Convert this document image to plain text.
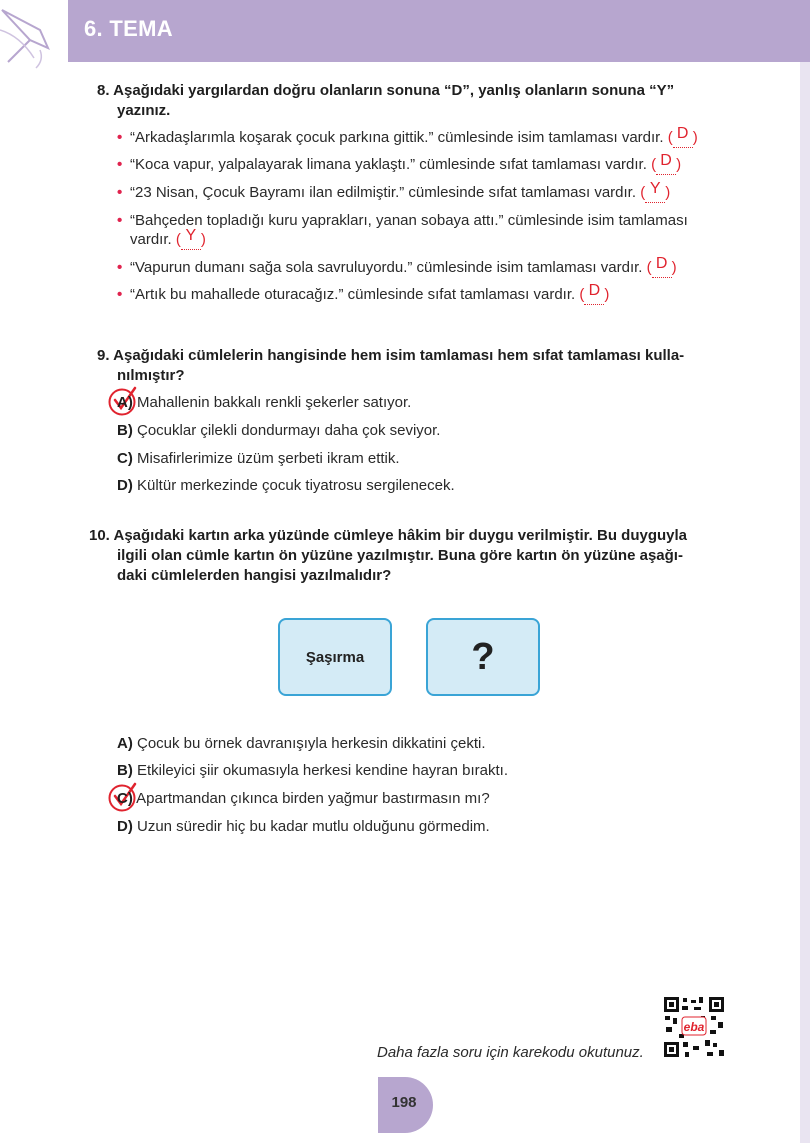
6. TEMA
8. Aşağıdaki yargılardan doğru olanların sonuna “D”, yanlış olanların sonuna “Y”
yazınız.
• “Arkadaşlarımla koşarak çocuk parkına gittik.” cümlesinde isim tamlaması vardır. ( D )
• “Koca vapur, yalpalayarak limana yaklaştı.” cümlesinde sıfat tamlaması vardır. ( D )
• “23 Nisan, Çocuk Bayramı ilan edilmiştir.” cümlesinde sıfat tamlaması vardır. ( Y )
• “Bahçeden topladığı kuru yaprakları, yanan sobaya attı.” cümlesinde isim tamlaması
vardır. ( Y )
• “Vapurun dumanı sağa sola savruluyordu.” cümlesinde isim tamlaması vardır. ( D )
• “Artık bu mahallede oturacağız.” cümlesinde sıfat tamlaması vardır. ( D )
9. Aşağıdaki cümlelerin hangisinde hem isim tamlaması hem sıfat tamlaması kulla-
nılmıştır?
A) Mahallenin bakkalı renkli şekerler satıyor.
B) Çocuklar çilekli dondurmayı daha çok seviyor.
C) Misafirlerimize üzüm şerbeti ikram ettik.
D) Kültür merkezinde çocuk tiyatrosu sergilenecek.
10. Aşağıdaki kartın arka yüzünde cümleye hâkim bir duygu verilmiştir. Bu duyguyla
ilgili olan cümle kartın ön yüzüne yazılmıştır. Buna göre kartın ön yüzüne aşağı-
daki cümlelerden hangisi yazılmalıdır?
Şaşırma	?
A) Çocuk bu örnek davranışıyla herkesin dikkatini çekti.
B) Etkileyici şiir okumasıyla herkesi kendine hayran bıraktı.
C) Apartmandan çıkınca birden yağmur bastırmasın mı?
D) Uzun süredir hiç bu kadar mutlu olduğunu görmedim.
Daha fazla soru için karekodu okutunuz.
eba
198
